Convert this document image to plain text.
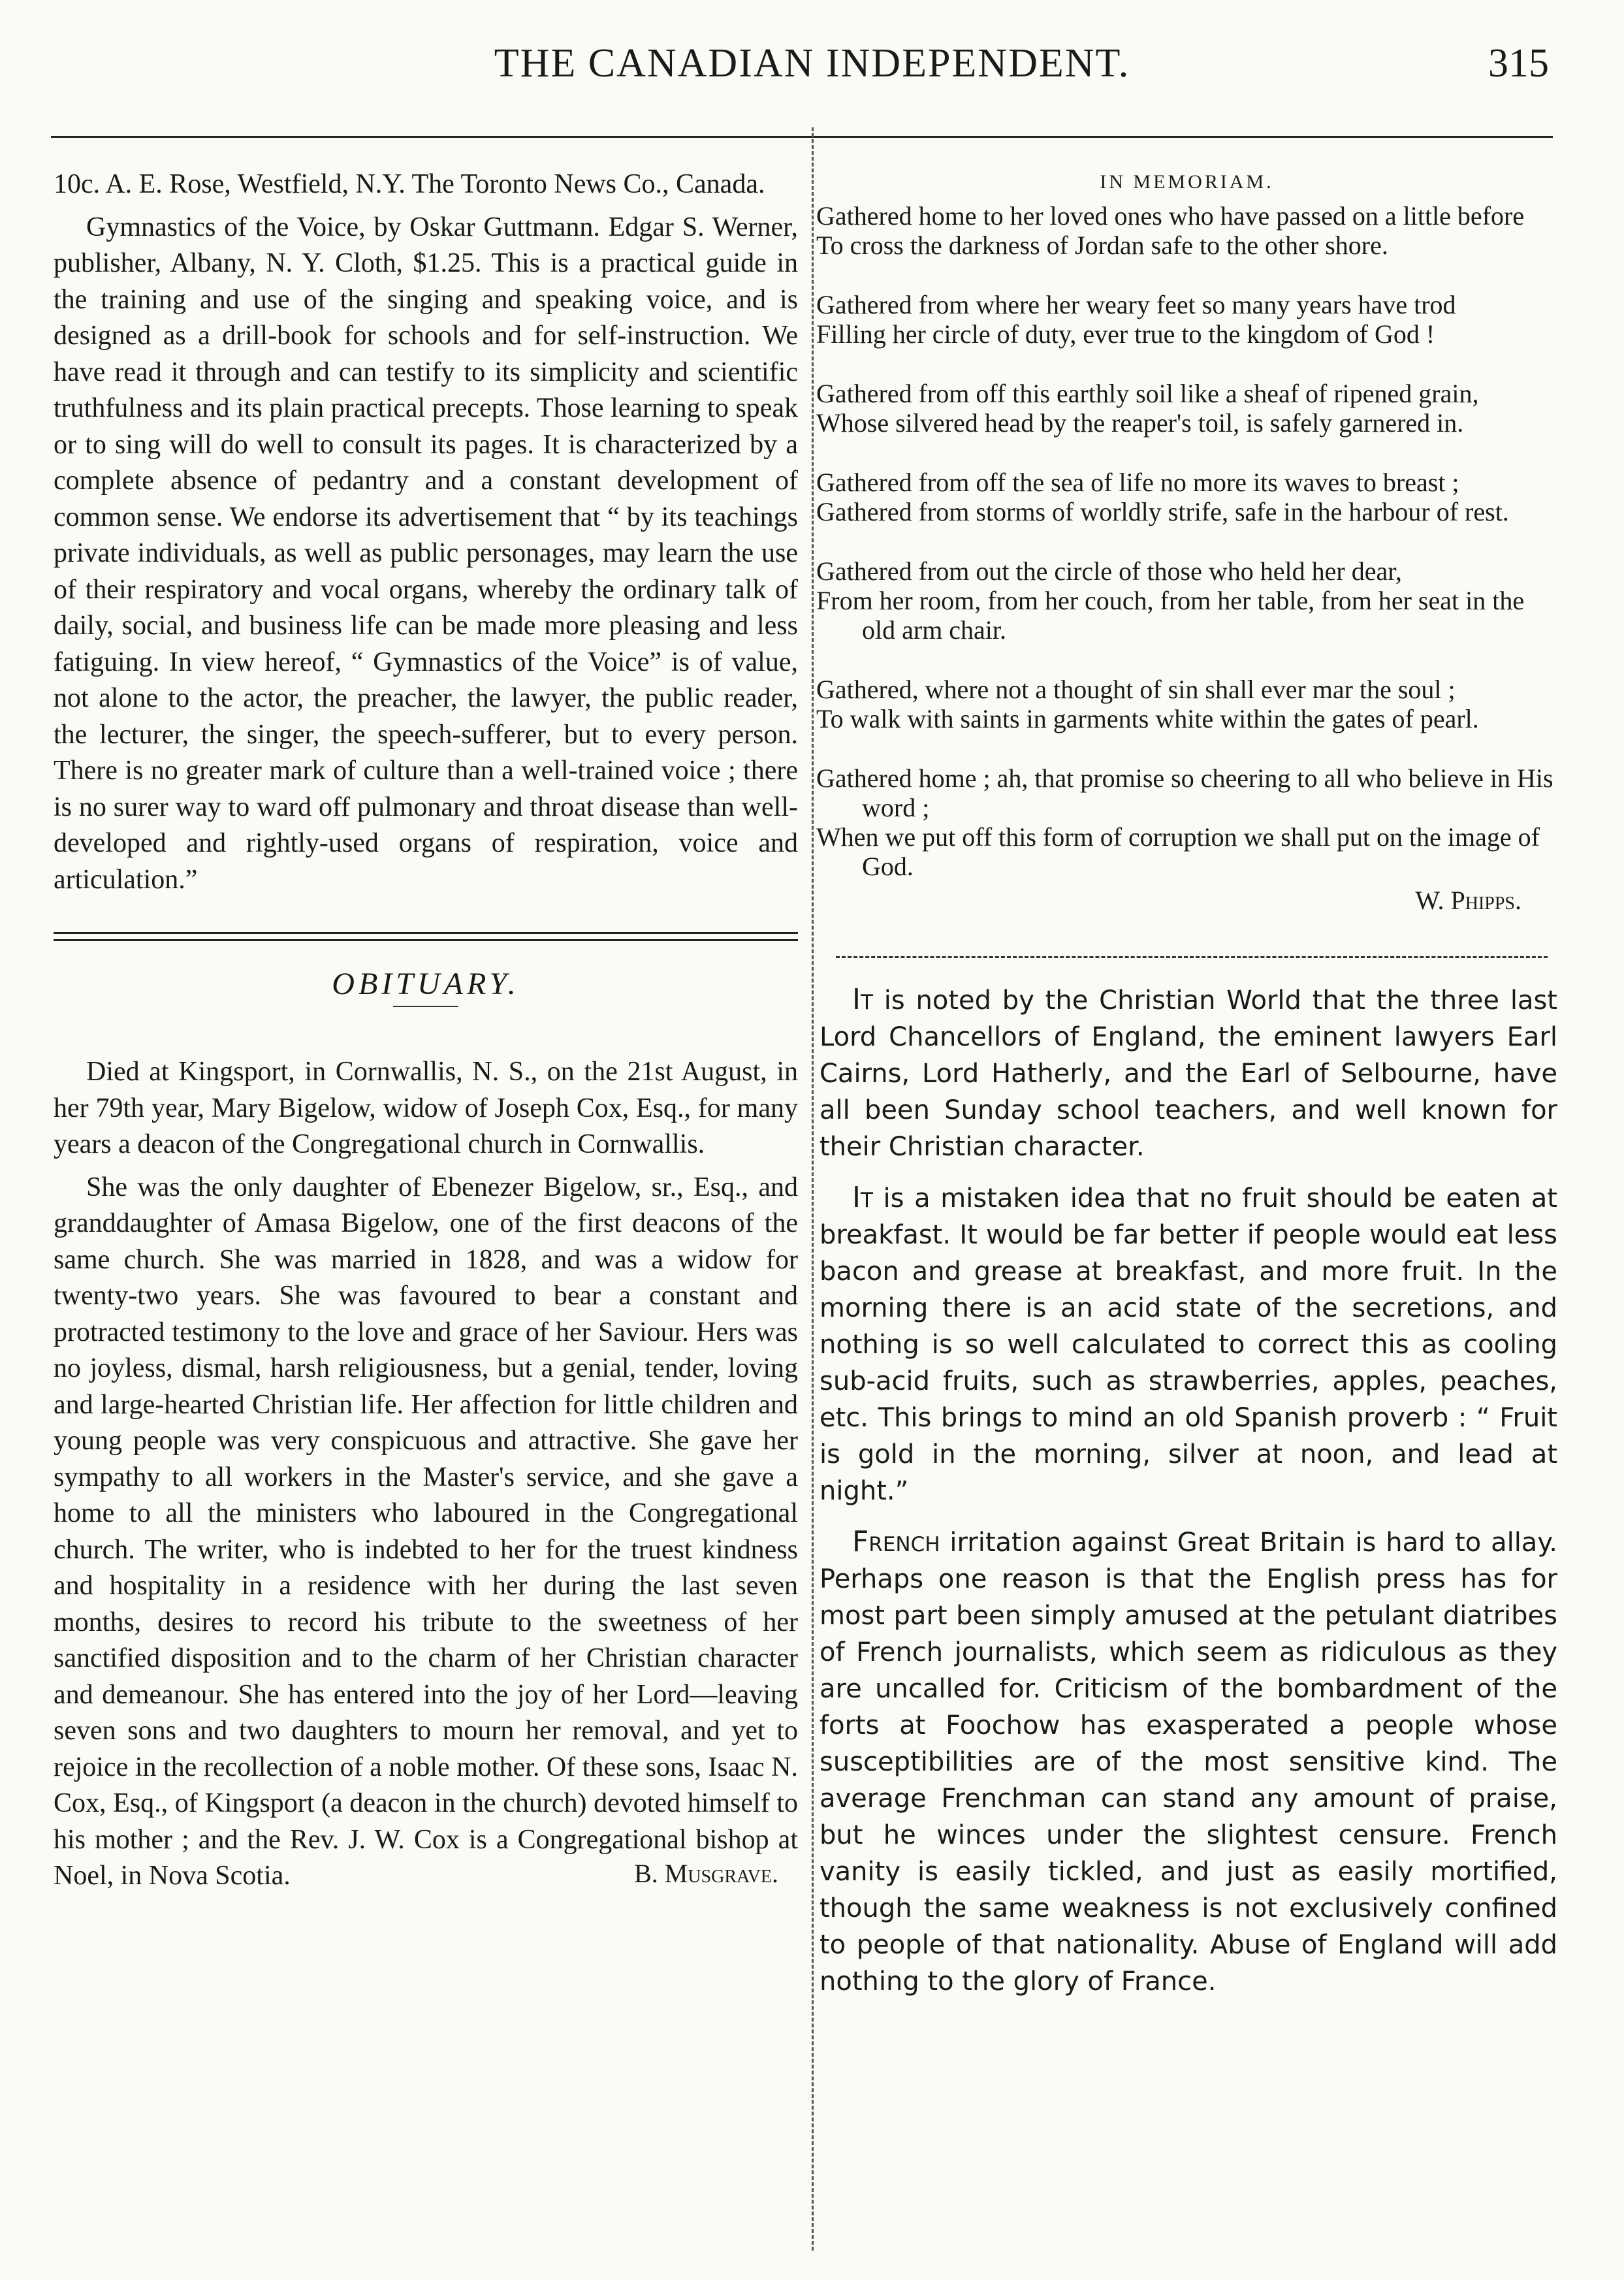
THE CANADIAN INDEPENDENT.	315

10c. A. E. Rose, Westfield, N.Y. The Toronto News Co., Canada.

Gymnastics of the Voice, by Oskar Guttmann. Edgar S. Werner, publisher, Albany, N. Y. Cloth, $1.25. This is a practical guide in the training and use of the singing and speaking voice, and is designed as a drill-book for schools and for self-instruction. We have read it through and can testify to its simplicity and scientific truthfulness and its plain practical precepts. Those learning to speak or to sing will do well to consult its pages. It is characterized by a complete absence of pedantry and a constant development of common sense. We endorse its advertisement that “ by its teachings private individuals, as well as public personages, may learn the use of their respiratory and vocal organs, whereby the ordinary talk of daily, social, and business life can be made more pleasing and less fatiguing. In view hereof, “ Gymnastics of the Voice” is of value, not alone to the actor, the preacher, the lawyer, the public reader, the lecturer, the singer, the speech-sufferer, but to every person. There is no greater mark of culture than a well-trained voice ; there is no surer way to ward off pulmonary and throat disease than well-developed and rightly-used organs of respiration, voice and articulation.”

OBITUARY.

Died at Kingsport, in Cornwallis, N. S., on the 21st August, in her 79th year, Mary Bigelow, widow of Joseph Cox, Esq., for many years a deacon of the Congregational church in Cornwallis.

She was the only daughter of Ebenezer Bigelow, sr., Esq., and granddaughter of Amasa Bigelow, one of the first deacons of the same church. She was married in 1828, and was a widow for twenty-two years. She was favoured to bear a constant and protracted testimony to the love and grace of her Saviour. Hers was no joyless, dismal, harsh religiousness, but a genial, tender, loving and large-hearted Christian life. Her affection for little children and young people was very conspicuous and attractive. She gave her sympathy to all workers in the Master's service, and she gave a home to all the ministers who laboured in the Congregational church. The writer, who is indebted to her for the truest kindness and hospitality in a residence with her during the last seven months, desires to record his tribute to the sweetness of her sanctified disposition and to the charm of her Christian character and demeanour. She has entered into the joy of her Lord—leaving seven sons and two daughters to mourn her removal, and yet to rejoice in the recollection of a noble mother. Of these sons, Isaac N. Cox, Esq., of Kingsport (a deacon in the church) devoted himself to his mother ; and the Rev. J. W. Cox is a Congregational bishop at Noel, in Nova Scotia.	B. Musgrave.
IN MEMORIAM.
Gathered home to her loved ones who have passed on a little before
To cross the darkness of Jordan safe to the other shore.
Gathered from where her weary feet so many years have trod
Filling her circle of duty, ever true to the kingdom of God !
Gathered from off this earthly soil like a sheaf of ripened grain,
Whose silvered head by the reaper's toil, is safely garnered in.
Gathered from off the sea of life no more its waves to breast ;
Gathered from storms of worldly strife, safe in the harbour of rest.
Gathered from out the circle of those who held her dear,
From her room, from her couch, from her table, from her seat in the old arm chair.
Gathered, where not a thought of sin shall ever mar the soul ;
To walk with saints in garments white within the gates of pearl.
Gathered home ; ah, that promise so cheering to all who believe in His word ;
When we put off this form of corruption we shall put on the image of God.
W. Phipps.

It is noted by the Christian World that the three last Lord Chancellors of England, the eminent lawyers Earl Cairns, Lord Hatherly, and the Earl of Selbourne, have all been Sunday school teachers, and well known for their Christian character.

It is a mistaken idea that no fruit should be eaten at breakfast. It would be far better if people would eat less bacon and grease at breakfast, and more fruit. In the morning there is an acid state of the secretions, and nothing is so well calculated to correct this as cooling sub-acid fruits, such as strawberries, apples, peaches, etc. This brings to mind an old Spanish proverb : “ Fruit is gold in the morning, silver at noon, and lead at night.”

French irritation against Great Britain is hard to allay. Perhaps one reason is that the English press has for most part been simply amused at the petulant diatribes of French journalists, which seem as ridiculous as they are uncalled for. Criticism of the bombardment of the forts at Foochow has exasperated a people whose susceptibilities are of the most sensitive kind. The average Frenchman can stand any amount of praise, but he winces under the slightest censure. French vanity is easily tickled, and just as easily mortified, though the same weakness is not exclusively confined to people of that nationality. Abuse of England will add nothing to the glory of France.
